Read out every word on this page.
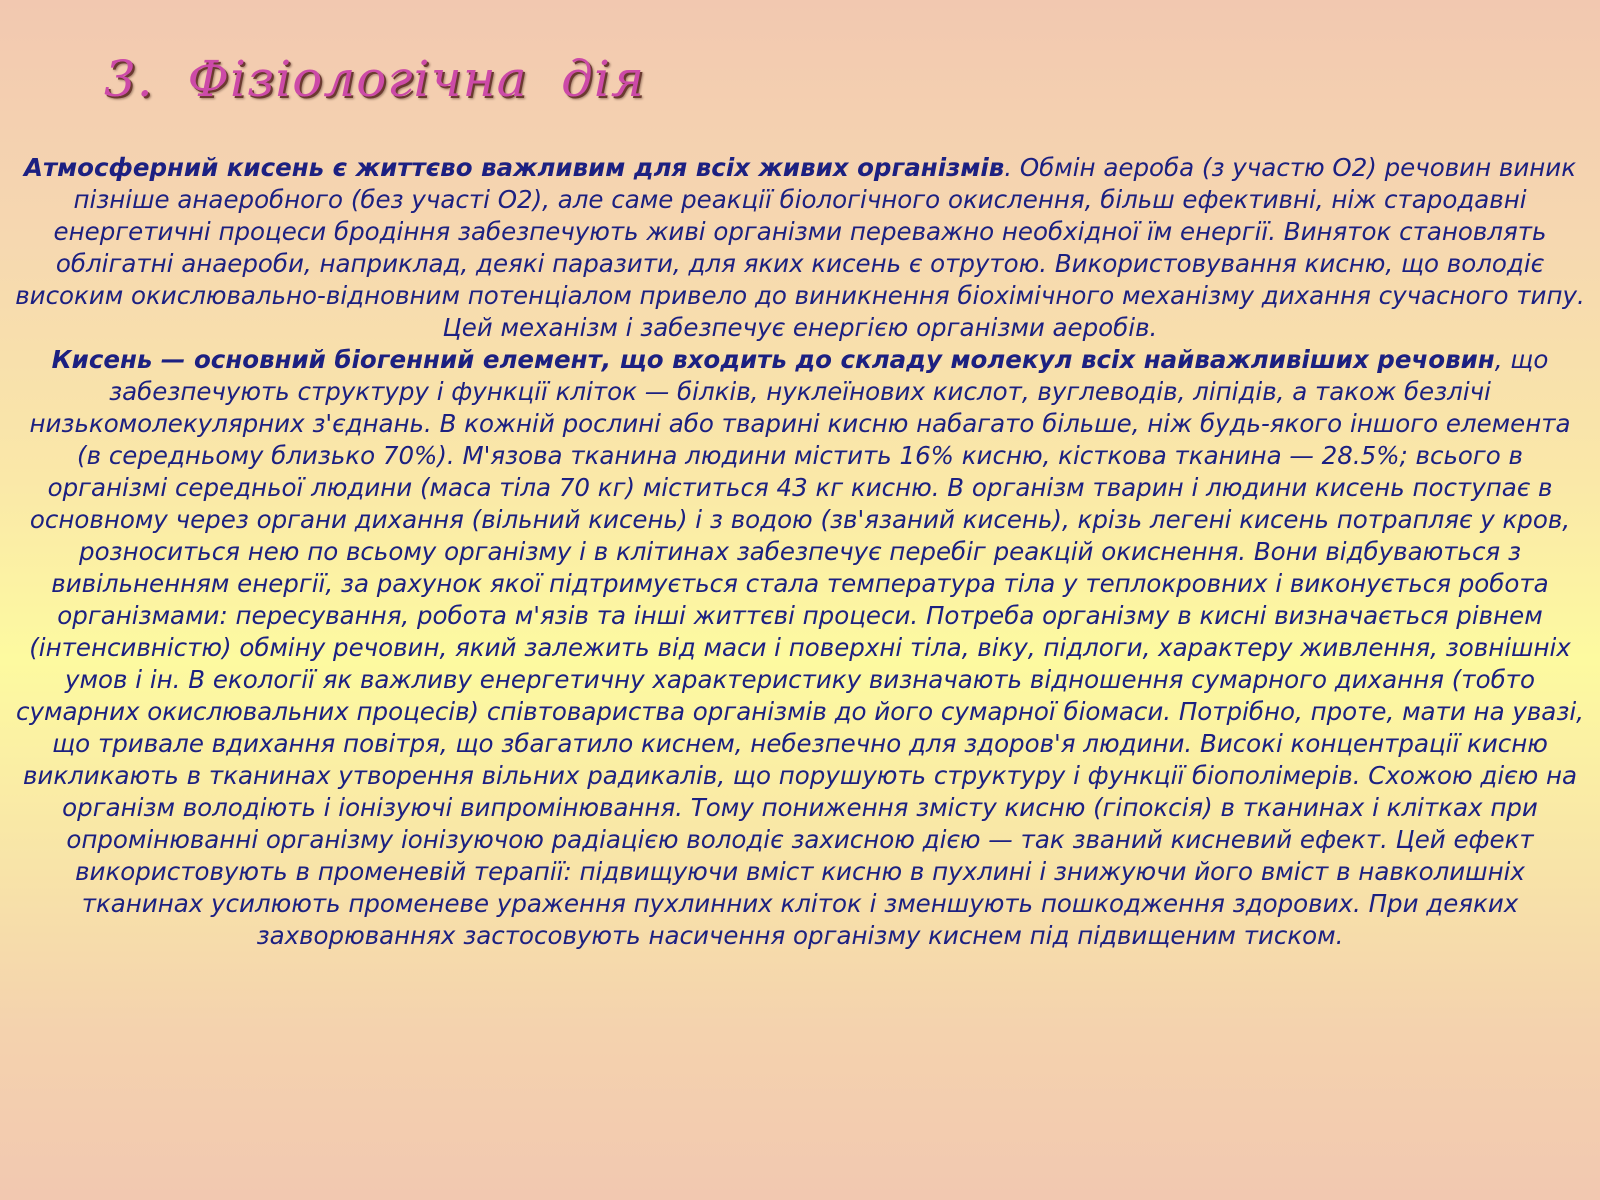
3.  Фізіологічна  дія

Атмосферний кисень є життєво важливим для всіх живих організмів. Обмін аероба (з участю О2) речовин виник пізніше анаеробного (без участі О2), але саме реакції біологічного окислення, більш ефективні, ніж стародавні енергетичні процеси бродіння забезпечують живі організми переважно необхідної їм енергії. Виняток становлять облігатні анаероби, наприклад, деякі паразити, для яких кисень є отрутою. Використовування кисню, що володіє високим окислювально-відновним потенціалом привело до виникнення біохімічного механізму дихання сучасного типу. Цей механізм і забезпечує енергією організми аеробів.

Кисень — основний біогенний елемент, що входить до складу молекул всіх найважливіших речовин, що забезпечують структуру і функції кліток — білків, нуклеїнових кислот, вуглеводів, ліпідів, а також безлічі низькомолекулярних з'єднань. В кожній рослині або тварині кисню набагато більше, ніж будь-якого іншого елемента (в середньому близько 70%). М'язова тканина людини містить 16% кисню, кісткова тканина — 28.5%; всього в організмі середньої людини (маса тіла 70 кг) міститься 43 кг кисню. В організм тварин і людини кисень поступає в основному через органи дихання (вільний кисень) і з водою (зв'язаний кисень), крізь легені кисень потрапляє у кров, розноситься нею по всьому організму і в клітинах забезпечує перебіг реакцій окиснення. Вони відбуваються з вивільненням енергії, за рахунок якої підтримується стала температура тіла у теплокровних і виконується робота організмами: пересування, робота м'язів та інші життєві процеси. Потреба організму в кисні визначається рівнем (інтенсивністю) обміну речовин, який залежить від маси і поверхні тіла, віку, підлоги, характеру живлення, зовнішніх умов і ін. В екології як важливу енергетичну характеристику визначають відношення сумарного дихання (тобто сумарних окислювальних процесів) співтовариства організмів до його сумарної біомаси. Потрібно, проте, мати на увазі, що тривале вдихання повітря, що збагатило киснем, небезпечно для здоров'я людини. Високі концентрації кисню викликають в тканинах утворення вільних радикалів, що порушують структуру і функції біополімерів. Схожою дією на організм володіють і іонізуючі випромінювання. Тому пониження змісту кисню (гіпоксія) в тканинах і клітках при опромінюванні організму іонізуючою радіацією володіє захисною дією — так званий кисневий ефект. Цей ефект використовують в променевій терапії: підвищуючи вміст кисню в пухлині і знижуючи його вміст в навколишніх тканинах усилюють променеве ураження пухлинних кліток і зменшують пошкодження здорових. При деяких захворюваннях застосовують насичення організму киснем під підвищеним тиском.
